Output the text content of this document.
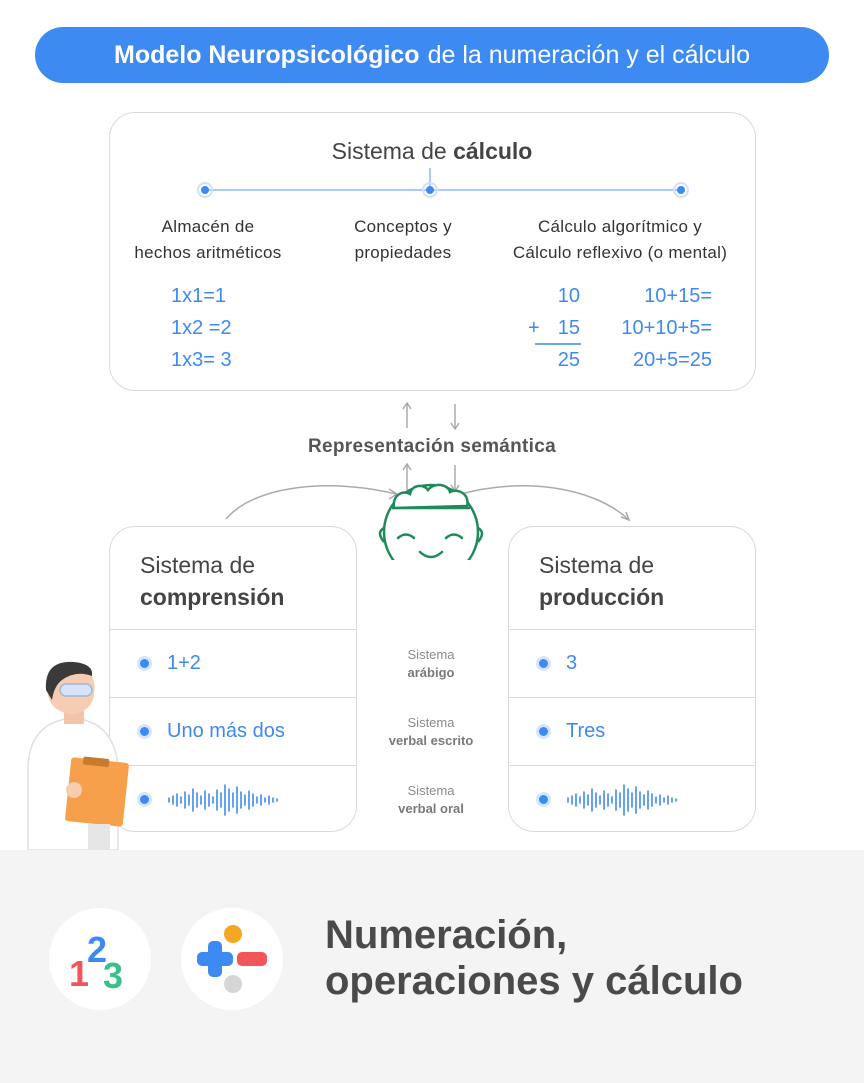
Modelo Neuropsicológico de la numeración y el cálculo
Sistema de cálculo
Almacén de
hechos aritméticos
Conceptos y
propiedades
Cálculo algorítmico y
Cálculo reflexivo (o mental)
1x1=1
1x2 =2
1x3= 3
10
+ 15
25
10+15=
10+10+5=
20+5=25
Representación semántica
Sistema de
comprensión
1+2
Uno más dos
Sistema de
producción
3
Tres
Sistema
arábigo
Sistema
verbal escrito
Sistema
verbal oral
1
2
3
Numeración,
operaciones y cálculo
